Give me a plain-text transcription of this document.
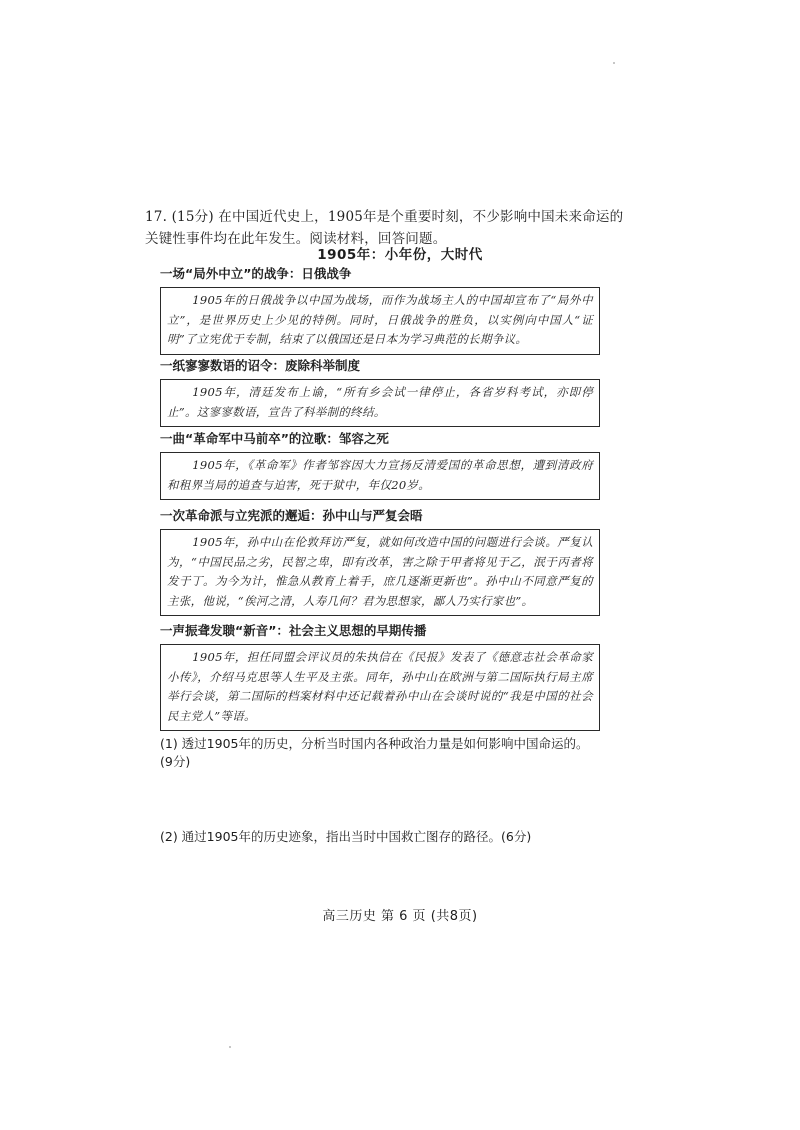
17. (15分) 在中国近代史上，1905年是个重要时刻，不少影响中国未来命运的关键性事件均在此年发生。阅读材料，回答问题。
1905年：小年份，大时代
一场“局外中立”的战争：日俄战争

1905年的日俄战争以中国为战场，而作为战场主人的中国却宣布了“局外中立”，是世界历史上少见的特例。同时，日俄战争的胜负，以实例向中国人“证明”了立宪优于专制，结束了以俄国还是日本为学习典范的长期争议。

一纸寥寥数语的诏令：废除科举制度

1905年，清廷发布上谕，“所有乡会试一律停止，各省岁科考试，亦即停止”。这寥寥数语，宣告了科举制的终结。

一曲“革命军中马前卒”的泣歌：邹容之死

1905年，《革命军》作者邹容因大力宣扬反清爱国的革命思想，遭到清政府和租界当局的追查与迫害，死于狱中，年仅20岁。

一次革命派与立宪派的邂逅：孙中山与严复会晤

1905年，孙中山在伦敦拜访严复，就如何改造中国的问题进行会谈。严复认为，“中国民品之劣，民智之卑，即有改革，害之除于甲者将见于乙，泯于丙者将发于丁。为今为计，惟急从教育上着手，庶几逐渐更新也”。孙中山不同意严复的主张，他说，“俟河之清，人寿几何？君为思想家，鄙人乃实行家也”。

一声振聋发聩“新音”：社会主义思想的早期传播

1905年，担任同盟会评议员的朱执信在《民报》发表了《德意志社会革命家小传》，介绍马克思等人生平及主张。同年，孙中山在欧洲与第二国际执行局主席举行会谈，第二国际的档案材料中还记载着孙中山在会谈时说的“我是中国的社会民主党人”等语。

(1) 透过1905年的历史，分析当时国内各种政治力量是如何影响中国命运的。(9分)
(2) 通过1905年的历史迹象，指出当时中国救亡图存的路径。(6分)
高三历史 第 6 页 (共8页)
